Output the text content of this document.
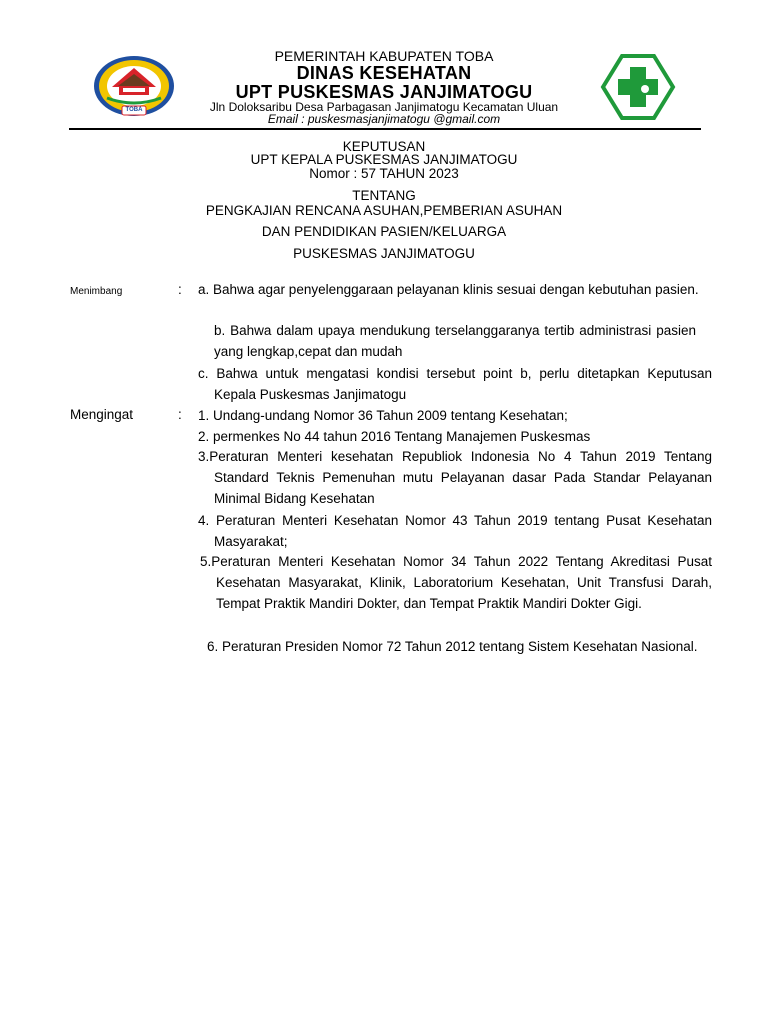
TOBA
PEMERINTAH KABUPATEN TOBA
DINAS KESEHATAN
UPT PUSKESMAS JANJIMATOGU
Jln Doloksaribu Desa Parbagasan Janjimatogu Kecamatan Uluan
Email : puskesmasjanjimatogu @gmail.com
KEPUTUSAN
UPT KEPALA PUSKESMAS JANJIMATOGU
Nomor : 57 TAHUN 2023
TENTANG
PENGKAJIAN RENCANA ASUHAN,PEMBERIAN ASUHAN
DAN PENDIDIKAN PASIEN/KELUARGA
PUSKESMAS JANJIMATOGU
Menimbang	: a. Bahwa agar penyelenggaraan pelayanan klinis sesuai dengan kebutuhan pasien.
b. Bahwa dalam upaya mendukung terselanggaranya tertib administrasi pasien yang lengkap,cepat dan mudah
c. Bahwa untuk mengatasi kondisi tersebut point b, perlu ditetapkan Keputusan Kepala Puskesmas Janjimatogu
Mengingat	: 1. Undang-undang Nomor 36 Tahun 2009 tentang Kesehatan;
2. permenkes No 44 tahun 2016 Tentang Manajemen Puskesmas
3.Peraturan Menteri kesehatan Republiok Indonesia No 4 Tahun 2019 Tentang Standard Teknis Pemenuhan mutu Pelayanan dasar Pada Standar Pelayanan Minimal Bidang Kesehatan
4. Peraturan Menteri Kesehatan Nomor 43 Tahun 2019 tentang Pusat Kesehatan Masyarakat;
5.Peraturan Menteri Kesehatan Nomor 34 Tahun 2022 Tentang Akreditasi Pusat Kesehatan Masyarakat, Klinik, Laboratorium Kesehatan, Unit Transfusi Darah, Tempat Praktik Mandiri Dokter, dan Tempat Praktik Mandiri Dokter Gigi.
6. Peraturan Presiden Nomor 72 Tahun 2012 tentang Sistem Kesehatan Nasional.
